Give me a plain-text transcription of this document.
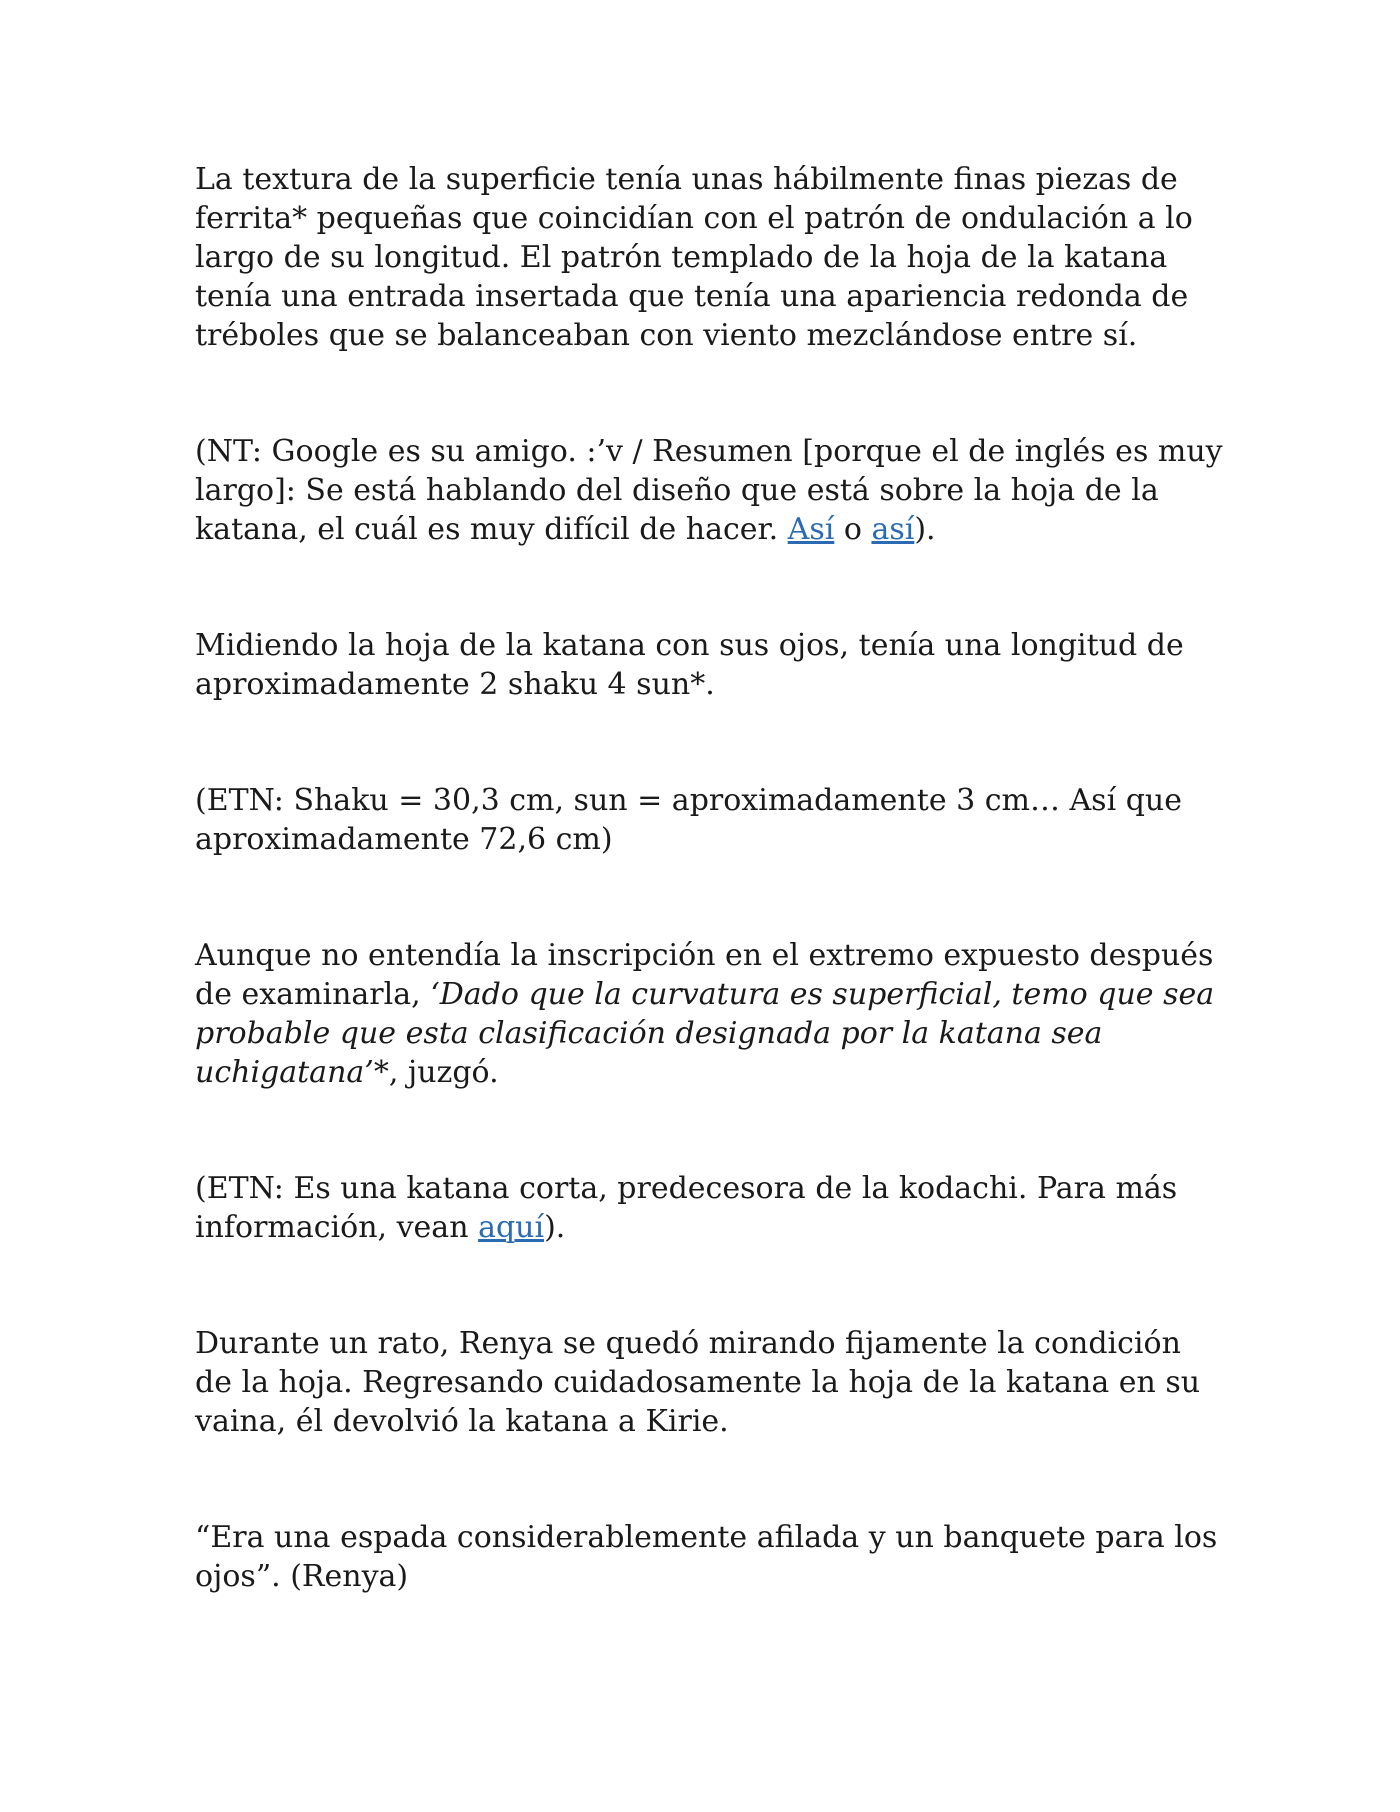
La textura de la superficie tenía unas hábilmente finas piezas de ferrita* pequeñas que coincidían con el patrón de ondulación a lo largo de su longitud. El patrón templado de la hoja de la katana tenía una entrada insertada que tenía una apariencia redonda de tréboles que se balanceaban con viento mezclándose entre sí.

(NT: Google es su amigo. :’v / Resumen [porque el de inglés es muy largo]: Se está hablando del diseño que está sobre la hoja de la katana, el cuál es muy difícil de hacer. Así o así).

Midiendo la hoja de la katana con sus ojos, tenía una longitud de aproximadamente 2 shaku 4 sun*.

(ETN: Shaku = 30,3 cm, sun = aproximadamente 3 cm… Así que aproximadamente 72,6 cm)

Aunque no entendía la inscripción en el extremo expuesto después de examinarla, ‘Dado que la curvatura es superficial, temo que sea probable que esta clasificación designada por la katana sea uchigatana’*, juzgó.

(ETN: Es una katana corta, predecesora de la kodachi. Para más información, vean aquí).

Durante un rato, Renya se quedó mirando fijamente la condición de la hoja. Regresando cuidadosamente la hoja de la katana en su vaina, él devolvió la katana a Kirie.

“Era una espada considerablemente afilada y un banquete para los ojos”. (Renya)
